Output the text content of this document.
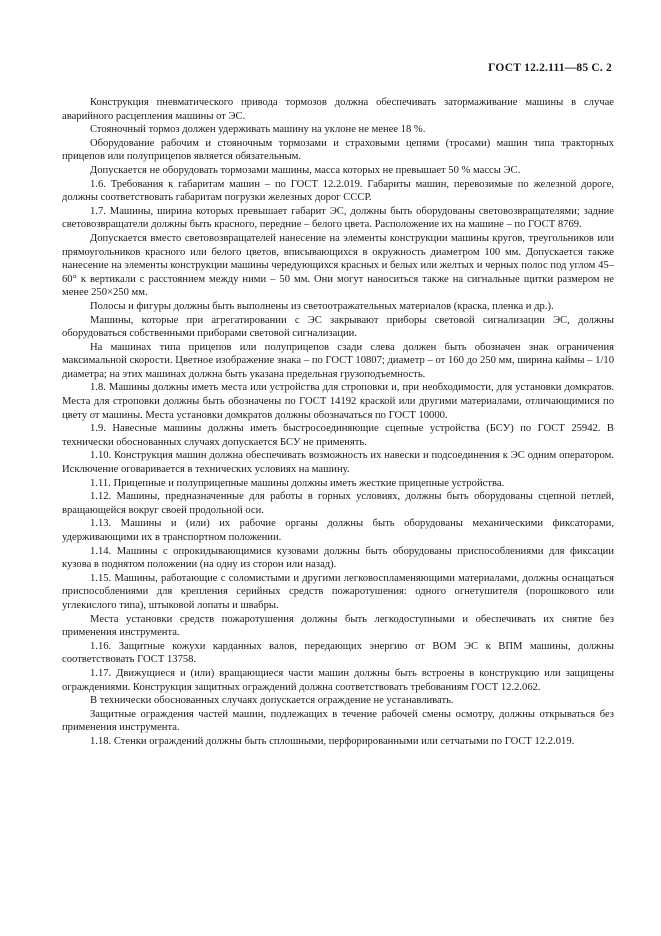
ГОСТ 12.2.111—85 С. 2

Конструкция пневматического привода тормозов должна обеспечивать затормаживание машины в случае аварийного расцепления машины от ЭС.

Стояночный тормоз должен удерживать машину на уклоне не менее 18 %.

Оборудование рабочим и стояночным тормозами и страховыми цепями (тросами) машин типа тракторных прицепов или полуприцепов является обязательным.

Допускается не оборудовать тормозами машины, масса которых не превышает 50 % массы ЭС.

1.6. Требования к габаритам машин – по ГОСТ 12.2.019. Габариты машин, перевозимые по железной дороге, должны соответствовать габаритам погрузки железных дорог СССР.

1.7. Машины, ширина которых превышает габарит ЭС, должны быть оборудованы световозвращателями; задние световозвращатели должны быть красного, передние – белого цвета. Расположение их на машине – по ГОСТ 8769.

Допускается вместо световозвращателей нанесение на элементы конструкции машины кругов, треугольников или прямоугольников красного или белого цветов, вписывающихся в окружность диаметром 100 мм. Допускается также нанесение на элементы конструкции машины чередующихся красных и белых или желтых и черных полос под углом 45–60° к вертикали с расстоянием между ними – 50 мм. Они могут наноситься также на сигнальные щитки размером не менее 250×250 мм.

Полосы и фигуры должны быть выполнены из светоотражательных материалов (краска, пленка и др.).

Машины, которые при агрегатировании с ЭС закрывают приборы световой сигнализации ЭС, должны оборудоваться собственными приборами световой сигнализации.

На машинах типа прицепов или полуприцепов сзади слева должен быть обозначен знак ограничения максимальной скорости. Цветное изображение знака – по ГОСТ 10807; диаметр – от 160 до 250 мм, ширина каймы – 1/10 диаметра; на этих машинах должна быть указана предельная грузоподъемность.

1.8. Машины должны иметь места или устройства для строповки и, при необходимости, для установки домкратов. Места для строповки должны быть обозначены по ГОСТ 14192 краской или другими материалами, отличающимися по цвету от машины. Места установки домкратов должны обозначаться по ГОСТ 10000.

1.9. Навесные машины должны иметь быстросоединяющие сцепные устройства (БСУ) по ГОСТ 25942. В технически обоснованных случаях допускается БСУ не применять.

1.10. Конструкция машин должна обеспечивать возможность их навески и подсоединения к ЭС одним оператором. Исключение оговаривается в технических условиях на машину.

1.11. Прицепные и полуприцепные машины должны иметь жесткие прицепные устройства.

1.12. Машины, предназначенные для работы в горных условиях, должны быть оборудованы сцепной петлей, вращающейся вокруг своей продольной оси.

1.13. Машины и (или) их рабочие органы должны быть оборудованы механическими фиксаторами, удерживающими их в транспортном положении.

1.14. Машины с опрокидывающимися кузовами должны быть оборудованы приспособлениями для фиксации кузова в поднятом положении (на одну из сторон или назад).

1.15. Машины, работающие с соломистыми и другими легковоспламеняющими материалами, должны оснащаться приспособлениями для крепления серийных средств пожаротушения: одного огнетушителя (порошкового или углекислого типа), штыковой лопаты и швабры.

Места установки средств пожаротушения должны быть легкодоступными и обеспечивать их снятие без применения инструмента.

1.16. Защитные кожухи карданных валов, передающих энергию от ВОМ ЭС к ВПМ машины, должны соответствовать ГОСТ 13758.

1.17. Движущиеся и (или) вращающиеся части машин должны быть встроены в конструкцию или защищены ограждениями. Конструкция защитных ограждений должна соответствовать требованиям ГОСТ 12.2.062.

В технически обоснованных случаях допускается ограждение не устанавливать.

Защитные ограждения частей машин, подлежащих в течение рабочей смены осмотру, должны открываться без применения инструмента.

1.18. Стенки ограждений должны быть сплошными, перфорированными или сетчатыми по ГОСТ 12.2.019.
